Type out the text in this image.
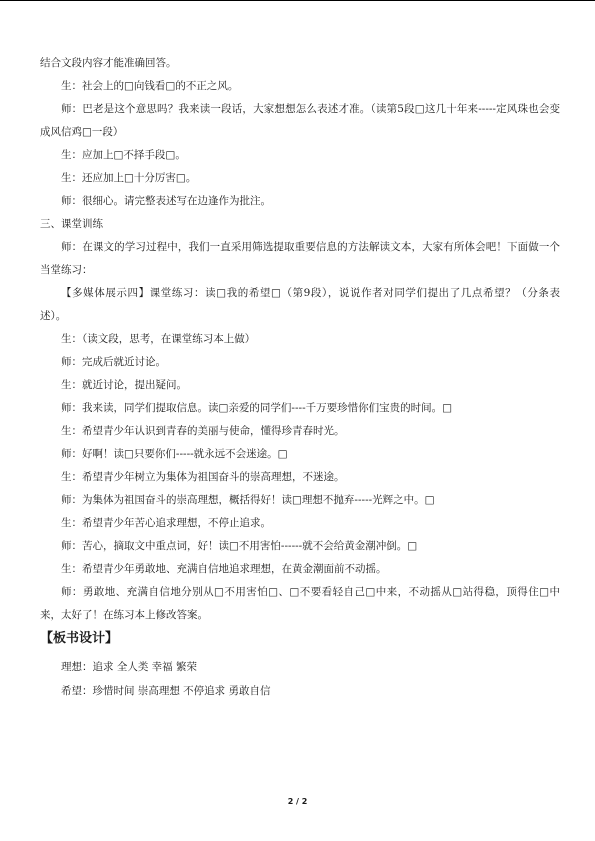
结合文段内容才能准确回答。

生：社会上的□向钱看□的不正之风。

师：巴老是这个意思吗？我来读一段话，大家想想怎么表述才准。（读第5段□这几十年来-----定风珠也会变成风信鸡□一段）

生：应加上□不择手段□。

生：还应加上□十分厉害□。

师：很细心。请完整表述写在边逢作为批注。

三、课堂训练

师：在课文的学习过程中，我们一直采用筛选提取重要信息的方法解读文本，大家有所体会吧！下面做一个当堂练习：

【多媒体展示四】课堂练习：读□我的希望□（第9段），说说作者对同学们提出了几点希望？（分条表述）。

生：（读文段，思考，在课堂练习本上做）

师：完成后就近讨论。

生：就近讨论，提出疑问。

师：我来读，同学们提取信息。读□亲爱的同学们----千万要珍惜你们宝贵的时间。□

生：希望青少年认识到青春的美丽与使命，懂得珍青春时光。

师：好啊！读□只要你们-----就永远不会迷途。□

生：希望青少年树立为集体为祖国奋斗的崇高理想，不迷途。

师：为集体为祖国奋斗的崇高理想，概括得好！读□理想不抛弃-----光辉之中。□

生：希望青少年苦心追求理想，不停止追求。

师：苦心，摘取文中重点词，好！读□不用害怕------就不会给黄金潮冲倒。□

生：希望青少年勇敢地、充满自信地追求理想，在黄金潮面前不动摇。

师：勇敢地、充满自信地分别从□不用害怕□、□不要看轻自己□中来，不动摇从□站得稳，顶得住□中来，太好了！在练习本上修改答案。

【板书设计】
理想：追求 全人类 幸福 繁荣
希望：珍惜时间 崇高理想 不停追求 勇敢自信
2 / 2
